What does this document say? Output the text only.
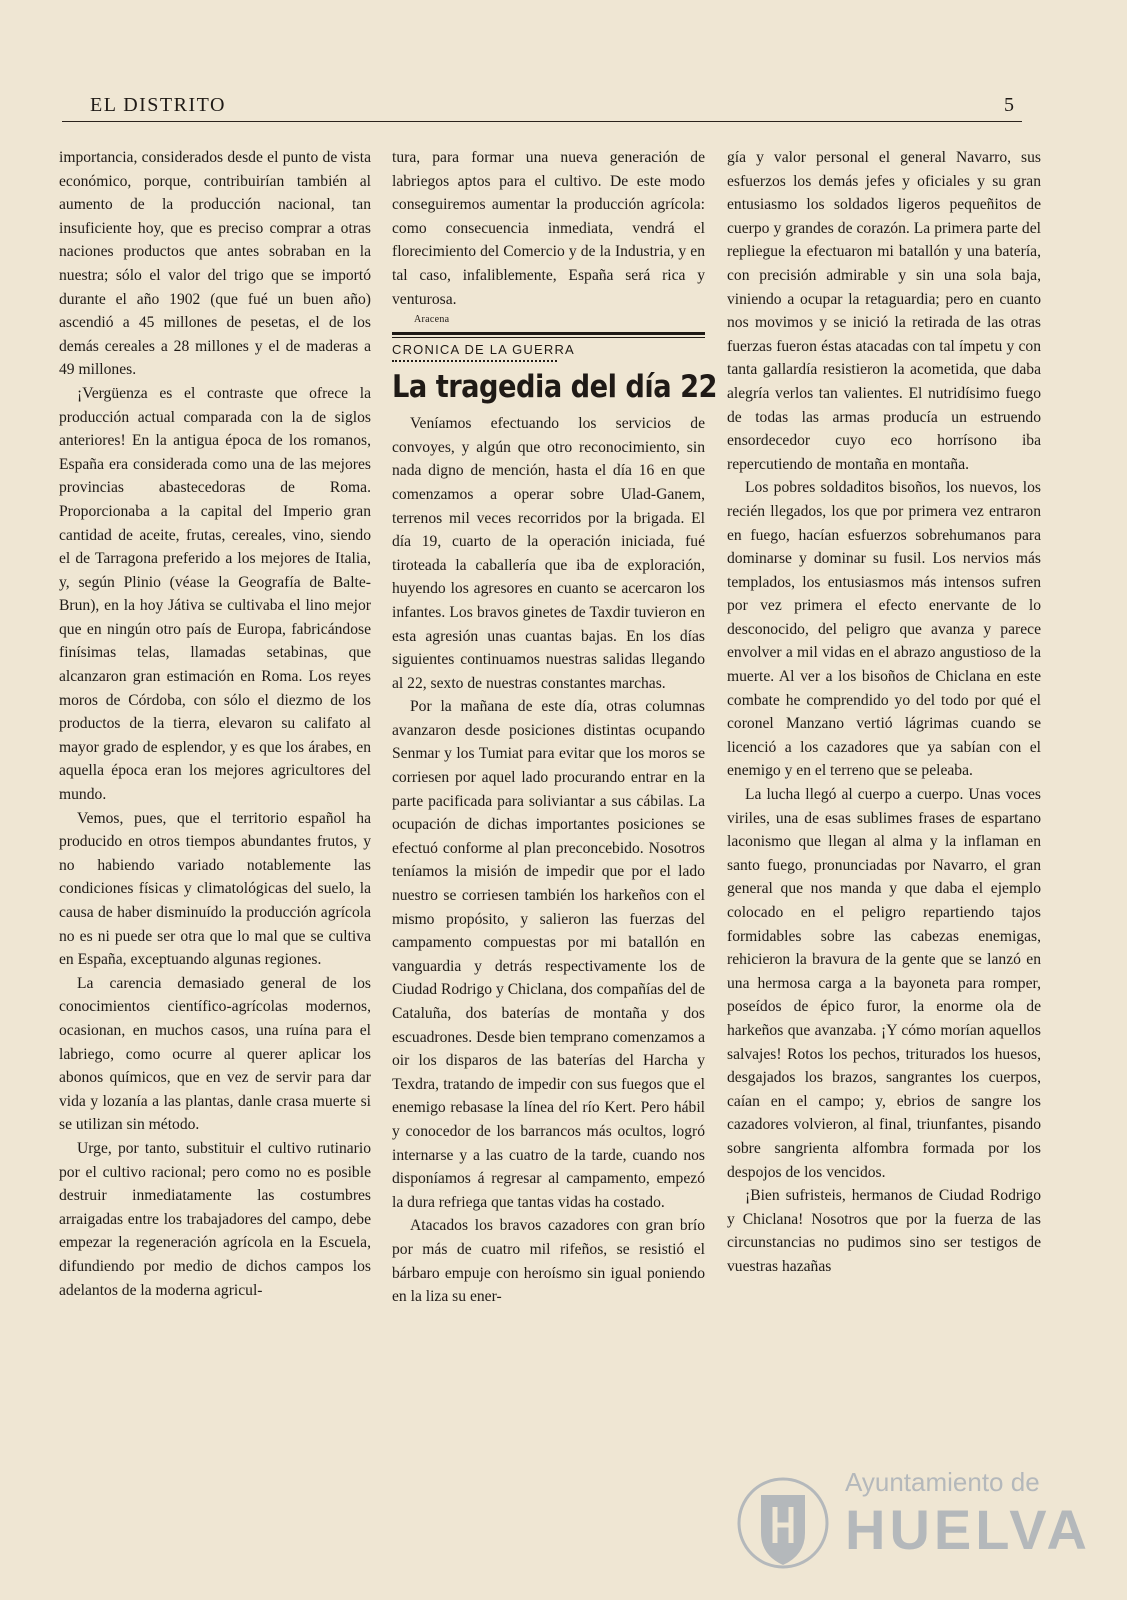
EL DISTRITO	5

importancia, considerados desde el punto de vista económico, porque, contribuirían también al aumento de la producción nacional, tan insuficiente hoy, que es preciso comprar a otras naciones productos que antes sobraban en la nuestra; sólo el valor del trigo que se importó durante el año 1902 (que fué un buen año) ascendió a 45 millones de pesetas, el de los demás cereales a 28 millones y el de maderas a 49 millones.

¡Vergüenza es el contraste que ofrece la producción actual comparada con la de siglos anteriores! En la antigua época de los romanos, España era considerada como una de las mejores provincias abastecedoras de Roma. Proporcionaba a la capital del Imperio gran cantidad de aceite, frutas, cereales, vino, siendo el de Tarragona preferido a los mejores de Italia, y, según Plinio (véase la Geografía de Balte-Brun), en la hoy Játiva se cultivaba el lino mejor que en ningún otro país de Europa, fabricándose finísimas telas, llamadas setabinas, que alcanzaron gran estimación en Roma. Los reyes moros de Córdoba, con sólo el diezmo de los productos de la tierra, elevaron su califato al mayor grado de esplendor, y es que los árabes, en aquella época eran los mejores agricultores del mundo.

Vemos, pues, que el territorio español ha producido en otros tiempos abundantes frutos, y no habiendo variado notablemente las condiciones físicas y climatológicas del suelo, la causa de haber disminuído la producción agrícola no es ni puede ser otra que lo mal que se cultiva en España, exceptuando algunas regiones.

La carencia demasiado general de los conocimientos científico-agrícolas modernos, ocasionan, en muchos casos, una ruína para el labriego, como ocurre al querer aplicar los abonos químicos, que en vez de servir para dar vida y lozanía a las plantas, danle crasa muerte si se utilizan sin método.

Urge, por tanto, substituir el cultivo rutinario por el cultivo racional; pero como no es posible destruir inmediatamente las costumbres arraigadas entre los trabajadores del campo, debe empezar la regeneración agrícola en la Escuela, difundiendo por medio de dichos campos los adelantos de la moderna agricul-

tura, para formar una nueva generación de labriegos aptos para el cultivo. De este modo conseguiremos aumentar la producción agrícola: como consecuencia inmediata, vendrá el florecimiento del Comercio y de la Industria, y en tal caso, infaliblemente, España será rica y venturosa.

Aracena
CRONICA DE LA GUERRA
La tragedia del día 22

Veníamos efectuando los servicios de convoyes, y algún que otro reconocimiento, sin nada digno de mención, hasta el día 16 en que comenzamos a operar sobre Ulad-Ganem, terrenos mil veces recorridos por la brigada. El día 19, cuarto de la operación iniciada, fué tiroteada la caballería que iba de exploración, huyendo los agresores en cuanto se acercaron los infantes. Los bravos ginetes de Taxdir tuvieron en esta agresión unas cuantas bajas. En los días siguientes continuamos nuestras salidas llegando al 22, sexto de nuestras constantes marchas.

Por la mañana de este día, otras columnas avanzaron desde posiciones distintas ocupando Senmar y los Tumiat para evitar que los moros se corriesen por aquel lado procurando entrar en la parte pacificada para soliviantar a sus cábilas. La ocupación de dichas importantes posiciones se efectuó conforme al plan preconcebido. Nosotros teníamos la misión de impedir que por el lado nuestro se corriesen también los harkeños con el mismo propósito, y salieron las fuerzas del campamento compuestas por mi batallón en vanguardia y detrás respectivamente los de Ciudad Rodrigo y Chiclana, dos compañías del de Cataluña, dos baterías de montaña y dos escuadrones. Desde bien temprano comenzamos a oir los disparos de las baterías del Harcha y Texdra, tratando de impedir con sus fuegos que el enemigo rebasase la línea del río Kert. Pero hábil y conocedor de los barrancos más ocultos, logró internarse y a las cuatro de la tarde, cuando nos disponíamos á regresar al campamento, empezó la dura refriega que tantas vidas ha costado.

Atacados los bravos cazadores con gran brío por más de cuatro mil rifeños, se resistió el bárbaro empuje con heroísmo sin igual poniendo en la liza su ener-

gía y valor personal el general Navarro, sus esfuerzos los demás jefes y oficiales y su gran entusiasmo los soldados ligeros pequeñitos de cuerpo y grandes de corazón. La primera parte del repliegue la efectuaron mi batallón y una batería, con precisión admirable y sin una sola baja, viniendo a ocupar la retaguardia; pero en cuanto nos movimos y se inició la retirada de las otras fuerzas fueron éstas atacadas con tal ímpetu y con tanta gallardía resistieron la acometida, que daba alegría verlos tan valientes. El nutridísimo fuego de todas las armas producía un estruendo ensordecedor cuyo eco horrísono iba repercutiendo de montaña en montaña.

Los pobres soldaditos bisoños, los nuevos, los recién llegados, los que por primera vez entraron en fuego, hacían esfuerzos sobrehumanos para dominarse y dominar su fusil. Los nervios más templados, los entusiasmos más intensos sufren por vez primera el efecto enervante de lo desconocido, del peligro que avanza y parece envolver a mil vidas en el abrazo angustioso de la muerte. Al ver a los bisoños de Chiclana en este combate he comprendido yo del todo por qué el coronel Manzano vertió lágrimas cuando se licenció a los cazadores que ya sabían con el enemigo y en el terreno que se peleaba.

La lucha llegó al cuerpo a cuerpo. Unas voces viriles, una de esas sublimes frases de espartano laconismo que llegan al alma y la inflaman en santo fuego, pronunciadas por Navarro, el gran general que nos manda y que daba el ejemplo colocado en el peligro repartiendo tajos formidables sobre las cabezas enemigas, rehicieron la bravura de la gente que se lanzó en una hermosa carga a la bayoneta para romper, poseídos de épico furor, la enorme ola de harkeños que avanzaba. ¡Y cómo morían aquellos salvajes! Rotos los pechos, triturados los huesos, desgajados los brazos, sangrantes los cuerpos, caían en el campo; y, ebrios de sangre los cazadores volvieron, al final, triunfantes, pisando sobre sangrienta alfombra formada por los despojos de los vencidos.

¡Bien sufristeis, hermanos de Ciudad Rodrigo y Chiclana! Nosotros que por la fuerza de las circunstancias no pudimos sino ser testigos de vuestras hazañas

Ayuntamiento de
HUELVA
